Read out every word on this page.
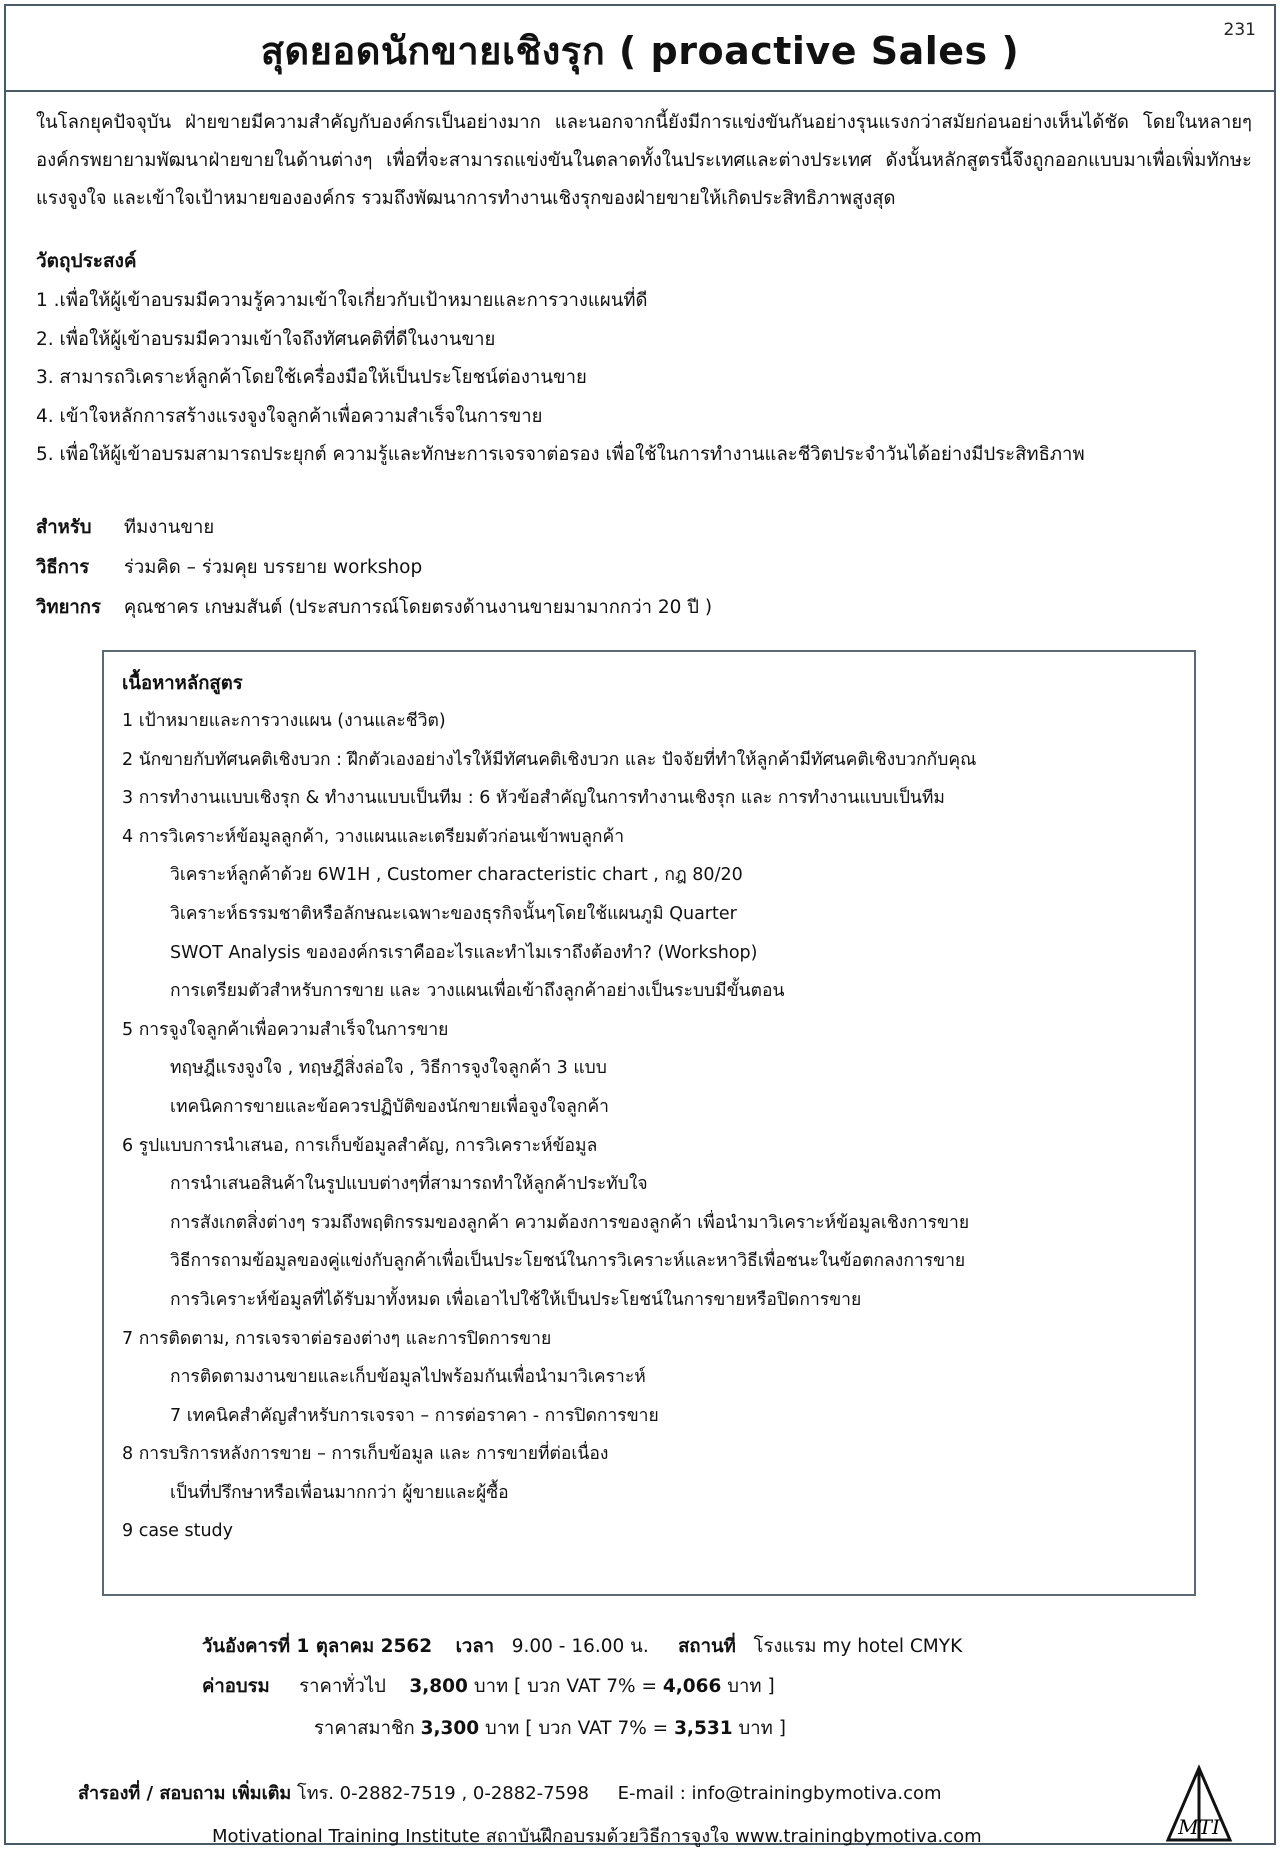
สุดยอดนักขายเชิงรุก ( proactive Sales )	231
ในโลกยุคปัจจุบัน ฝ่ายขายมีความสำคัญกับองค์กรเป็นอย่างมาก และนอกจากนี้ยังมีการแข่งขันกันอย่างรุนแรงกว่าสมัยก่อนอย่างเห็นได้ชัด โดยในหลายๆองค์กรพยายามพัฒนาฝ่ายขายในด้านต่างๆ เพื่อที่จะสามารถแข่งขันในตลาดทั้งในประเทศและต่างประเทศ ดังนั้นหลักสูตรนี้จึงถูกออกแบบมาเพื่อเพิ่มทักษะ แรงจูงใจ และเข้าใจเป้าหมายขององค์กร รวมถึงพัฒนาการทำงานเชิงรุกของฝ่ายขายให้เกิดประสิทธิภาพสูงสุด
วัตถุประสงค์
1 .เพื่อให้ผู้เข้าอบรมมีความรู้ความเข้าใจเกี่ยวกับเป้าหมายและการวางแผนที่ดี
2. เพื่อให้ผู้เข้าอบรมมีความเข้าใจถึงทัศนคติที่ดีในงานขาย
3. สามารถวิเคราะห์ลูกค้าโดยใช้เครื่องมือให้เป็นประโยชน์ต่องานขาย
4. เข้าใจหลักการสร้างแรงจูงใจลูกค้าเพื่อความสำเร็จในการขาย
5. เพื่อให้ผู้เข้าอบรมสามารถประยุกต์ ความรู้และทักษะการเจรจาต่อรอง เพื่อใช้ในการทำงานและชีวิตประจำวันได้อย่างมีประสิทธิภาพ
สำหรับ ทีมงานขาย
วิธีการ ร่วมคิด – ร่วมคุย บรรยาย workshop
วิทยากร คุณชาคร เกษมสันต์ (ประสบการณ์โดยตรงด้านงานขายมามากกว่า 20 ปี )
เนื้อหาหลักสูตร
1 เป้าหมายและการวางแผน (งานและชีวิต)
2 นักขายกับทัศนคติเชิงบวก : ฝึกตัวเองอย่างไรให้มีทัศนคติเชิงบวก และ ปัจจัยที่ทำให้ลูกค้ามีทัศนคติเชิงบวกกับคุณ
3 การทำงานแบบเชิงรุก & ทำงานแบบเป็นทีม : 6 หัวข้อสำคัญในการทำงานเชิงรุก และ การทำงานแบบเป็นทีม
4 การวิเคราะห์ข้อมูลลูกค้า, วางแผนและเตรียมตัวก่อนเข้าพบลูกค้า
วิเคราะห์ลูกค้าด้วย 6W1H , Customer characteristic chart , กฎ 80/20
วิเคราะห์ธรรมชาติหรือลักษณะเฉพาะของธุรกิจนั้นๆโดยใช้แผนภูมิ Quarter
SWOT Analysis ขององค์กรเราคืออะไรและทำไมเราถึงต้องทำ? (Workshop)
การเตรียมตัวสำหรับการขาย และ วางแผนเพื่อเข้าถึงลูกค้าอย่างเป็นระบบมีขั้นตอน
5 การจูงใจลูกค้าเพื่อความสำเร็จในการขาย
ทฤษฎีแรงจูงใจ , ทฤษฎีสิ่งล่อใจ , วิธีการจูงใจลูกค้า 3 แบบ
เทคนิคการขายและข้อควรปฏิบัติของนักขายเพื่อจูงใจลูกค้า
6 รูปแบบการนำเสนอ, การเก็บข้อมูลสำคัญ, การวิเคราะห์ข้อมูล
การนำเสนอสินค้าในรูปแบบต่างๆที่สามารถทำให้ลูกค้าประทับใจ
การสังเกตสิ่งต่างๆ รวมถึงพฤติกรรมของลูกค้า ความต้องการของลูกค้า เพื่อนำมาวิเคราะห์ข้อมูลเชิงการขาย
วิธีการถามข้อมูลของคู่แข่งกับลูกค้าเพื่อเป็นประโยชน์ในการวิเคราะห์และหาวิธีเพื่อชนะในข้อตกลงการขาย
การวิเคราะห์ข้อมูลที่ได้รับมาทั้งหมด เพื่อเอาไปใช้ให้เป็นประโยชน์ในการขายหรือปิดการขาย
7 การติดตาม, การเจรจาต่อรองต่างๆ และการปิดการขาย
การติดตามงานขายและเก็บข้อมูลไปพร้อมกันเพื่อนำมาวิเคราะห์
7 เทคนิคสำคัญสำหรับการเจรจา – การต่อราคา - การปิดการขาย
8 การบริการหลังการขาย – การเก็บข้อมูล และ การขายที่ต่อเนื่อง
เป็นที่ปรึกษาหรือเพื่อนมากกว่า ผู้ขายและผู้ซื้อ
9 case study
วันอังคารที่ 1 ตุลาคม 2562 เวลา 9.00 - 16.00 น. สถานที่ โรงแรม my hotel CMYK
ค่าอบรม ราคาทั่วไป 3,800 บาท [ บวก VAT 7% = 4,066 บาท ]
ราคาสมาชิก 3,300 บาท [ บวก VAT 7% = 3,531 บาท ]
สำรองที่ / สอบถาม เพิ่มเติม โทร. 0-2882-7519 , 0-2882-7598 E-mail : info@trainingbymotiva.com
Motivational Training Institute สถาบันฝึกอบรมด้วยวิธีการจูงใจ www.trainingbymotiva.com	MTI
